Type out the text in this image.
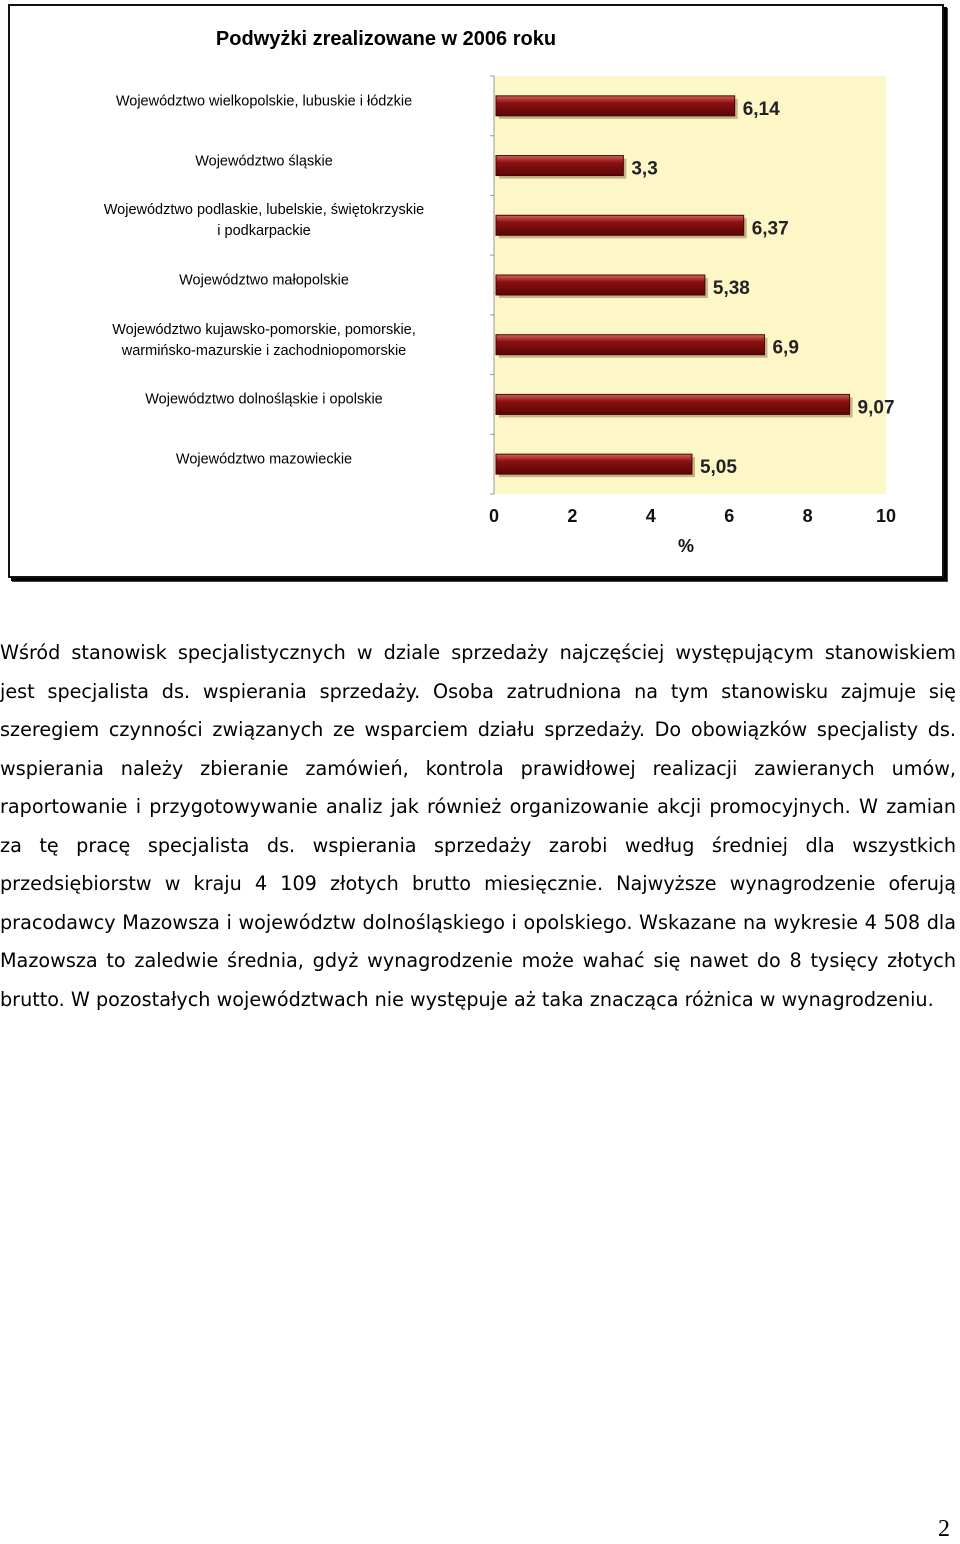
Podwyżki zrealizowane w 2006 roku
Województwo wielkopolskie, lubuskie i łódzkie
Województwo śląskie
Województwo podlaskie, lubelskie, świętokrzyskie
i podkarpackie
Województwo małopolskie
Województwo kujawsko-pomorskie, pomorskie,
warmińsko-mazurskie i zachodniopomorskie
Województwo dolnośląskie i opolskie
Województwo mazowieckie
6,14
3,3
6,37
5,38
6,9
9,07
5,05
0	2	4	6	8	10
%
Wśród stanowisk specjalistycznych w dziale sprzedaży najczęściej występującym stanowiskiem jest specjalista ds. wspierania sprzedaży. Osoba zatrudniona na tym stanowisku zajmuje się szeregiem czynności związanych ze wsparciem działu sprzedaży. Do obowiązków specjalisty ds. wspierania należy zbieranie zamówień, kontrola prawidłowej realizacji zawieranych umów, raportowanie i przygotowywanie analiz jak również organizowanie akcji promocyjnych. W zamian za tę pracę specjalista ds. wspierania sprzedaży zarobi według średniej dla wszystkich przedsiębiorstw w kraju 4 109 złotych brutto miesięcznie. Najwyższe wynagrodzenie oferują pracodawcy Mazowsza i województw dolnośląskiego i opolskiego. Wskazane na wykresie 4 508 dla Mazowsza to zaledwie średnia, gdyż wynagrodzenie może wahać się nawet do 8 tysięcy złotych brutto. W pozostałych województwach nie występuje aż taka znacząca różnica w wynagrodzeniu.
2
